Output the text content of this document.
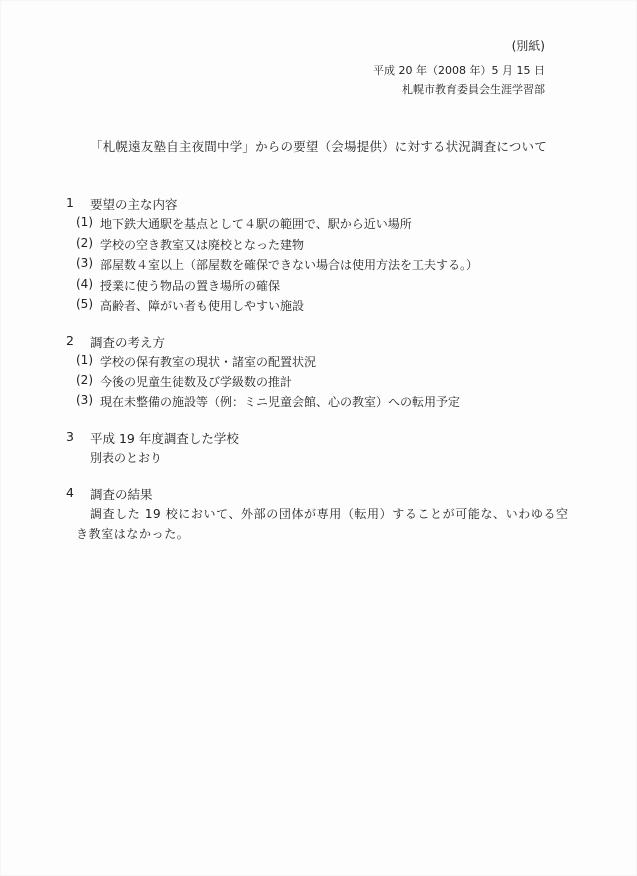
(別紙)
平成 20 年（2008 年）5 月 15 日
札幌市教育委員会生涯学習部
「札幌遠友塾自主夜間中学」からの要望（会場提供）に対する状況調査について
1 要望の主な内容
(1) 地下鉄大通駅を基点として４駅の範囲で、駅から近い場所
(2) 学校の空き教室又は廃校となった建物
(3) 部屋数４室以上（部屋数を確保できない場合は使用方法を工夫する。）
(4) 授業に使う物品の置き場所の確保
(5) 高齢者、障がい者も使用しやすい施設
2 調査の考え方
(1) 学校の保有教室の現状・諸室の配置状況
(2) 今後の児童生徒数及び学級数の推計
(3) 現在未整備の施設等（例：ミニ児童会館、心の教室）への転用予定
3 平成 19 年度調査した学校
別表のとおり
4 調査の結果
調査した 19 校において、外部の団体が専用（転用）することが可能な、いわゆる空
き教室はなかった。
